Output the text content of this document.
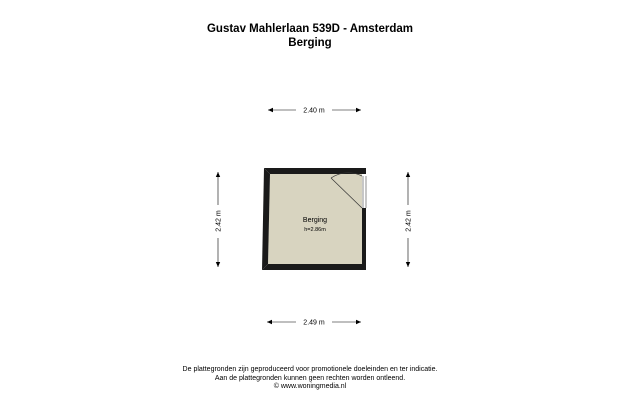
Gustav Mahlerlaan 539D - Amsterdam
Berging
2.40 m
2.49 m
2.42 m	2.42 m
Berging
h=2.86m
De plattegronden zijn geproduceerd voor promotionele doeleinden en ter indicatie.
Aan de plattegronden kunnen geen rechten worden ontleend.
© www.woningmedia.nl
